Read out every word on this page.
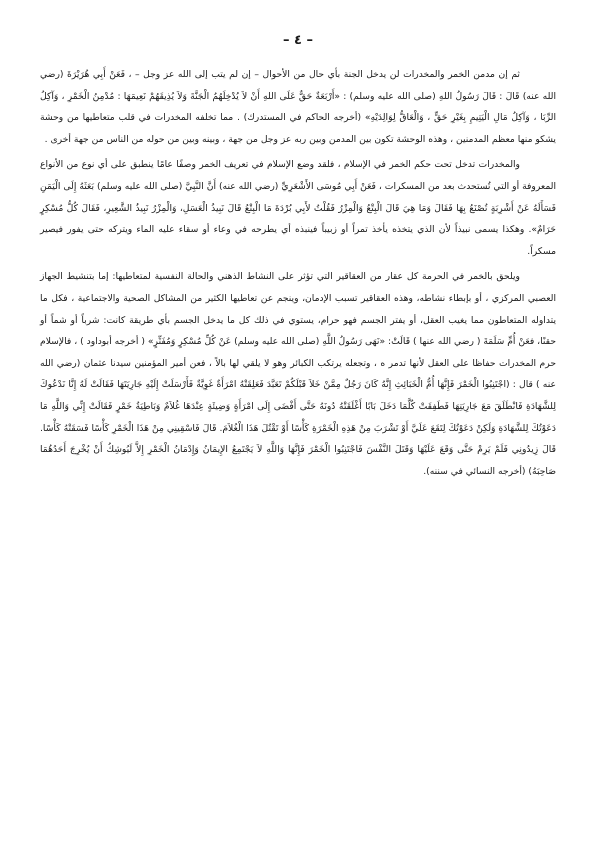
– ٤ –

ثم إن مدمن الخمر والمخدرات لن يدخل الجنة بأي حال من الأحوال – إن لم يتب إلى الله عز وجل – ، فَعَنْ أَبِي هُرَيْرَةَ (رضي الله عنه) قَالَ : قَالَ رَسُولُ اللهِ (صلى الله عليه وسلم) : «أَرْبَعَةٌ حَقٌّ عَلَى اللهِ أَنْ لاَ يُدْخِلَهُمُ الْجَنَّةَ وَلاَ يُذِيقَهُمْ نَعِيمَهَا : مُدْمِنُ الْخَمْرِ ، وَآكِلُ الرِّبَا ، وَآكِلُ مَالِ الْيَتِيمِ بِغَيْرِ حَقٍّ ، وَالْعَاقُّ لِوَالِدَيْهِ» (أخرجه الحاكم في المستدرك) . مما تخلفه المخدرات في قلب متعاطيها من وحشة يشكو منها معظم المدمنين ، وهذه الوحشة تكون بين المدمن وبين ربه عز وجل من جهة ، وبينه وبين من حوله من الناس من جهة أخرى .

والمخدرات تدخل تحت حكم الخمر في الإسلام ، فلقد وضع الإسلام في تعريف الخمر وصفًا عامًا ينطبق على أي نوع من الأنواع المعروفة أو التي تُستحدث بعد من المسكرات ، فَعَنْ أَبِي مُوسَى الأَشْعَرِيِّ (رضي الله عنه) أَنَّ النَّبِيَّ (صلى الله عليه وسلم) بَعَثَهُ إِلَى الْيَمَنِ فَسَأَلَهُ عَنْ أَشْرِبَةٍ تُصْنَعُ بِهَا فَقَالَ وَمَا هِيَ قَالَ الْبِتْعُ وَالْمِزْرُ فَقُلْتُ لأَبِي بُرْدَةَ مَا الْبِتْعُ قَالَ نَبِيذُ الْعَسَلِ، وَالْمِزْرُ نَبِيذُ الشَّعِيرِ، فَقَالَ كُلُّ مُسْكِرٍ حَرَامٌ». وهكذا يسمى نبيذاً لأن الذي يتخذه يأخذ تمراً أو زبيباً فينبذه أي يطرحه في وعاء أو سقاء عليه الماء ويتركه حتى يفور فيصير مسكراً.

ويلحق بالخمر في الحرمة كل عقار من العقاقير التي تؤثر على النشاط الذهني والحالة النفسية لمتعاطيها: إما بتنشيط الجهاز العصبي المركزي ، أو بإبطاء نشاطه، وهذه العقاقير تسبب الإدمان، وينجم عن تعاطيها الكثير من المشاكل الصحية والاجتماعية ، فكل ما يتداوله المتعاطون مما يغيب العقل، أو يفتر الجسم فهو حرام، يستوي في ذلك كل ما يدخل الجسم بأي طريقة كانت: شرباً أو شماً أو حقنًا، فعَنْ أُمِّ سَلَمَةَ ( رضي الله عنها ) قَالَتْ: «نَهَى رَسُولُ اللَّهِ (صلى الله عليه وسلم) عَنْ كُلِّ مُسْكِرٍ وَمُفَتِّرٍ» ( أخرجه أبوداود ) ، فالإسلام حرم المخدرات حفاظا على العقل لأنها تدمر ه ، وتجعله يرتكب الكبائر وهو لا يلقي لها بالاً ، فعن أمير المؤمنين سيدنا عثمان (رضي الله عنه ) قال : (اجْتَنِبُوا الْخَمْرَ فَإِنَّهَا أُمُّ الْخَبَائِثِ إِنَّهُ كَانَ رَجُلٌ مِمَّنْ خَلاَ قَبْلَكُمْ تَعَبَّدَ فَعَلِقَتْهُ امْرَأَةٌ غَوِيَّةٌ فَأَرْسَلَتْ إِلَيْهِ جَارِيَتَهَا فَقَالَتْ لَهُ إِنَّا نَدْعُوكَ لِلشَّهَادَةِ فَانْطَلَقَ مَعَ جَارِيَتِهَا فَطَفِقَتْ كُلَّمَا دَخَلَ بَابًا أَغْلَقَتْهُ دُونَهُ حَتَّى أَفْضَى إِلَى امْرَأَةٍ وَضِيئَةٍ عِنْدَهَا غُلاَمٌ وَبَاطِيَةُ خَمْرٍ فَقَالَتْ إِنِّي وَاللَّهِ مَا دَعَوْتُكَ لِلشَّهَادَةِ وَلَكِنْ دَعَوْتُكَ لِتَقَعَ عَلَيَّ أَوْ تَشْرَبَ مِنْ هَذِهِ الْخَمْرَةِ كَأْسًا أَوْ تَقْتُلَ هَذَا الْغُلاَمَ. قَالَ فَاسْقِينِي مِنْ هَذَا الْخَمْرِ كَأْسًا فَسَقَتْهُ كَأْسًا. قَالَ زِيدُونِي فَلَمْ يَرِمْ حَتَّى وَقَعَ عَلَيْهَا وَقَتَلَ النَّفْسَ فَاجْتَنِبُوا الْخَمْرَ فَإِنَّهَا وَاللَّهِ لاَ يَجْتَمِعُ الإِيمَانُ وَإِدْمَانُ الْخَمْرِ إِلاَّ لَيُوشِكُ أَنْ يُخْرِجَ أَحَدُهُمَا صَاحِبَهُ) (أخرجه النسائي في سننه).
